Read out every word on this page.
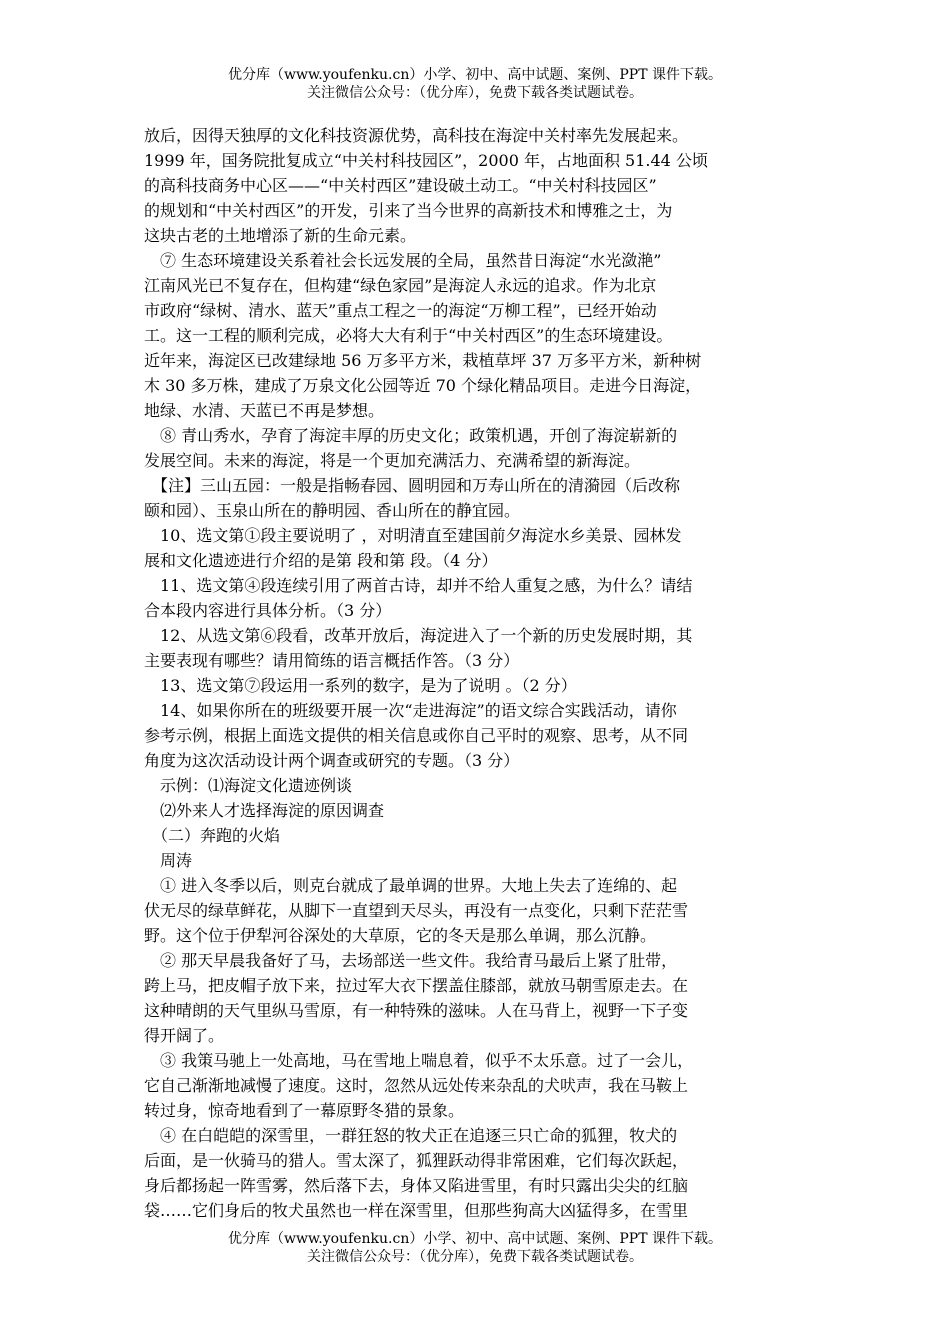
优分库（www.youfenku.cn）小学、初中、高中试题、案例、PPT 课件下载。
关注微信公众号：（优分库），免费下载各类试题试卷。
放后，因得天独厚的文化科技资源优势，高科技在海淀中关村率先发展起来。
1999 年，国务院批复成立“中关村科技园区”，2000 年，占地面积 51.44 公顷
的高科技商务中心区——“中关村西区”建设破土动工。“中关村科技园区”
的规划和“中关村西区”的开发，引来了当今世界的高新技术和博雅之士，为
这块古老的土地增添了新的生命元素。
　⑦ 生态环境建设关系着社会长远发展的全局，虽然昔日海淀“水光潋滟”
江南风光已不复存在，但构建“绿色家园”是海淀人永远的追求。作为北京
市政府“绿树、清水、蓝天”重点工程之一的海淀“万柳工程”，已经开始动
工。这一工程的顺利完成，必将大大有利于“中关村西区”的生态环境建设。
近年来，海淀区已改建绿地 56 万多平方米，栽植草坪 37 万多平方米，新种树
木 30 多万株，建成了万泉文化公园等近 70 个绿化精品项目。走进今日海淀，
地绿、水清、天蓝已不再是梦想。
　⑧ 青山秀水，孕育了海淀丰厚的历史文化；政策机遇，开创了海淀崭新的
发展空间。未来的海淀，将是一个更加充满活力、充满希望的新海淀。
　【注】三山五园：一般是指畅春园、圆明园和万寿山所在的清漪园（后改称
颐和园）、玉泉山所在的静明园、香山所在的静宜园。
　10、选文第①段主要说明了 ，对明清直至建国前夕海淀水乡美景、园林发
展和文化遗迹进行介绍的是第 段和第 段。（4 分）
　11、选文第④段连续引用了两首古诗，却并不给人重复之感，为什么？请结
合本段内容进行具体分析。（3 分）
　12、从选文第⑥段看，改革开放后，海淀进入了一个新的历史发展时期，其
主要表现有哪些？请用简练的语言概括作答。（3 分）
　13、选文第⑦段运用一系列的数字，是为了说明 。（2 分）
　14、如果你所在的班级要开展一次“走进海淀”的语文综合实践活动，请你
参考示例，根据上面选文提供的相关信息或你自己平时的观察、思考，从不同
角度为这次活动设计两个调查或研究的专题。（3 分）
　示例：⑴海淀文化遗迹例谈
　⑵外来人才选择海淀的原因调查
　（二）奔跑的火焰
　周涛
　① 进入冬季以后，则克台就成了最单调的世界。大地上失去了连绵的、起
伏无尽的绿草鲜花，从脚下一直望到天尽头，再没有一点变化，只剩下茫茫雪
野。这个位于伊犁河谷深处的大草原，它的冬天是那么单调，那么沉静。
　② 那天早晨我备好了马，去场部送一些文件。我给青马最后上紧了肚带，
跨上马，把皮帽子放下来，拉过军大衣下摆盖住膝部，就放马朝雪原走去。在
这种晴朗的天气里纵马雪原，有一种特殊的滋味。人在马背上，视野一下子变
得开阔了。
　③ 我策马驰上一处高地，马在雪地上喘息着，似乎不太乐意。过了一会儿，
它自己渐渐地减慢了速度。这时，忽然从远处传来杂乱的犬吠声，我在马鞍上
转过身，惊奇地看到了一幕原野冬猎的景象。
　④ 在白皑皑的深雪里，一群狂怒的牧犬正在追逐三只亡命的狐狸，牧犬的
后面，是一伙骑马的猎人。雪太深了，狐狸跃动得非常困难，它们每次跃起，
身后都扬起一阵雪雾，然后落下去，身体又陷进雪里，有时只露出尖尖的红脑
袋……它们身后的牧犬虽然也一样在深雪里，但那些狗高大凶猛得多，在雪里
优分库（www.youfenku.cn）小学、初中、高中试题、案例、PPT 课件下载。
关注微信公众号：（优分库），免费下载各类试题试卷。
